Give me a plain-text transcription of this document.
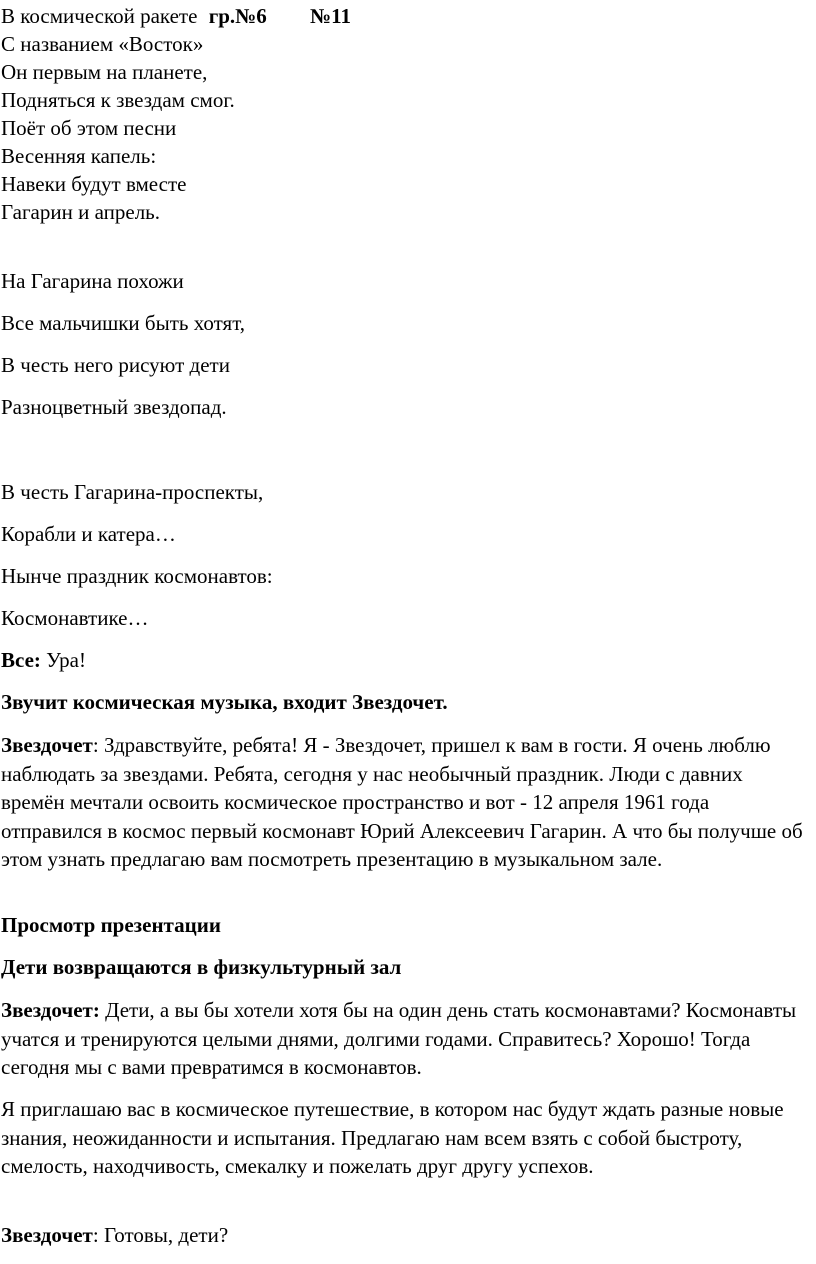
В космической ракете гр.№6 №11
С названием «Восток»
Он первым на планете,
Подняться к звездам смог.
Поёт об этом песни
Весенняя капель:
Навеки будут вместе
Гагарин и апрель.
На Гагарина похожи
Все мальчишки быть хотят,
В честь него рисуют дети
Разноцветный звездопад.
В честь Гагарина-проспекты,
Корабли и катера…
Нынче праздник космонавтов:
Космонавтике…
Все: Ура!
Звучит космическая музыка, входит Звездочет.
Звездочет: Здравствуйте, ребята! Я - Звездочет, пришел к вам в гости. Я очень люблю наблюдать за звездами. Ребята, сегодня у нас необычный праздник. Люди с давних времён мечтали освоить космическое пространство и вот - 12 апреля 1961 года отправился в космос первый космонавт Юрий Алексеевич Гагарин. А что бы получше об этом узнать предлагаю вам посмотреть презентацию в музыкальном зале.
Просмотр презентации
Дети возвращаются в физкультурный зал
Звездочет: Дети, а вы бы хотели хотя бы на один день стать космонавтами? Космонавты учатся и тренируются целыми днями, долгими годами. Справитесь? Хорошо! Тогда сегодня мы с вами превратимся в космонавтов.
Я приглашаю вас в космическое путешествие, в котором нас будут ждать разные новые знания, неожиданности и испытания. Предлагаю нам всем взять с собой быстроту, смелость, находчивость, смекалку и пожелать друг другу успехов.
Звездочет: Готовы, дети?
